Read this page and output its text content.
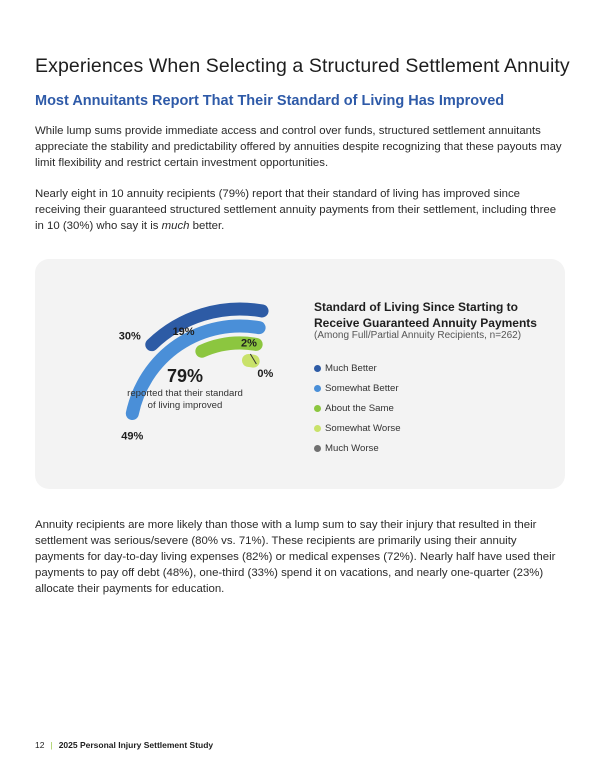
Experiences When Selecting a Structured Settlement Annuity
Most Annuitants Report That Their Standard of Living Has Improved

While lump sums provide immediate access and control over funds, structured settlement annuitants appreciate the stability and predictability offered by annuities despite recognizing that these payouts may limit flexibility and restrict certain investment opportunities.

Nearly eight in 10 annuity recipients (79%) report that their standard of living has improved since receiving their guaranteed structured settlement annuity payments from their settlement, including three in 10 (30%) who say it is much better.

30%
49%
19%
2%
0%
79%
reported that their standard
of living improved
Standard of Living Since Starting to
Receive Guaranteed Annuity Payments
(Among Full/Partial Annuity Recipients, n=262)
Much Better
Somewhat Better
About the Same
Somewhat Worse
Much Worse

Annuity recipients are more likely than those with a lump sum to say their injury that resulted in their settlement was serious/severe (80% vs. 71%). These recipients are primarily using their annuity payments for day-to-day living expenses (82%) or medical expenses (72%). Nearly half have used their payments to pay off debt (48%), one-third (33%) spend it on vacations, and nearly one-quarter (23%) allocate their payments for education.

12 | 2025 Personal Injury Settlement Study
